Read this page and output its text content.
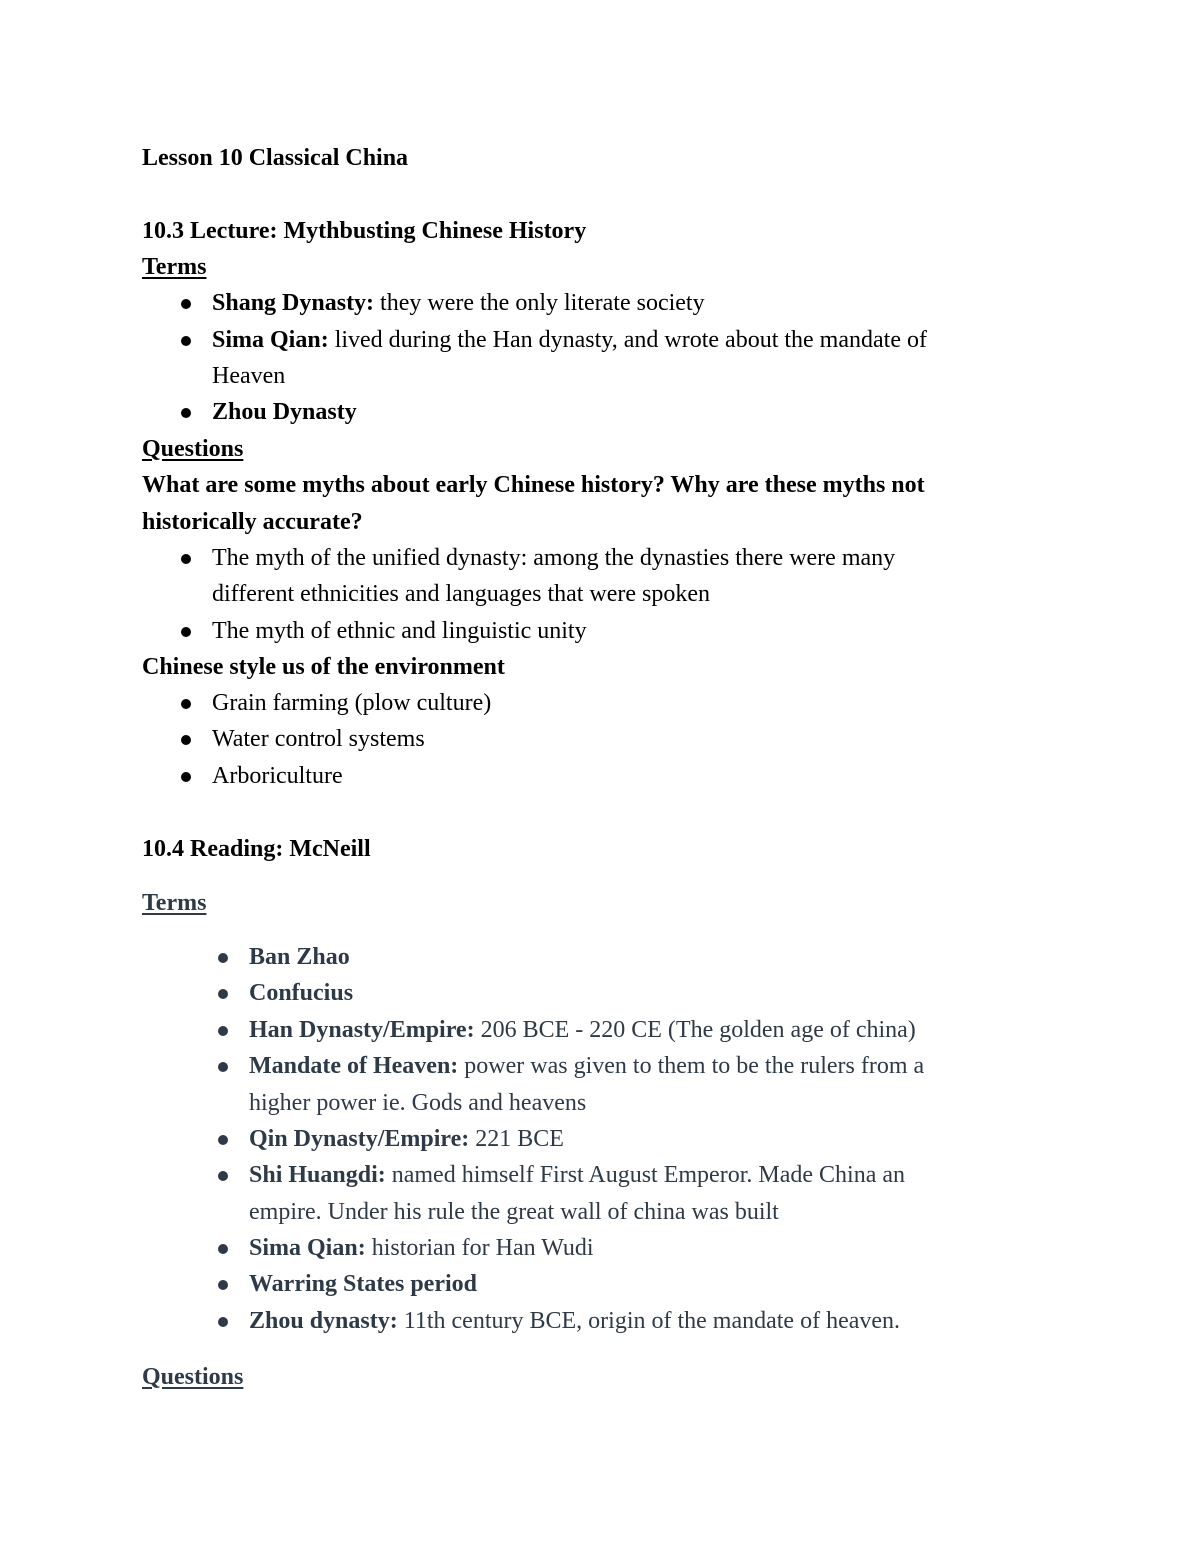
Lesson 10 Classical China
10.3 Lecture: Mythbusting Chinese History
Terms
Shang Dynasty: they were the only literate society
Sima Qian: lived during the Han dynasty, and wrote about the mandate of
Heaven
Zhou Dynasty
Questions
What are some myths about early Chinese history? Why are these myths not
historically accurate?
The myth of the unified dynasty: among the dynasties there were many
different ethnicities and languages that were spoken
The myth of ethnic and linguistic unity
Chinese style us of the environment
Grain farming (plow culture)
Water control systems
Arboriculture
10.4 Reading: McNeill
Terms
Ban Zhao
Confucius
Han Dynasty/Empire: 206 BCE - 220 CE (The golden age of china)
Mandate of Heaven: power was given to them to be the rulers from a
higher power ie. Gods and heavens
Qin Dynasty/Empire: 221 BCE
Shi Huangdi: named himself First August Emperor. Made China an
empire. Under his rule the great wall of china was built
Sima Qian: historian for Han Wudi
Warring States period
Zhou dynasty: 11th century BCE, origin of the mandate of heaven.
Questions
